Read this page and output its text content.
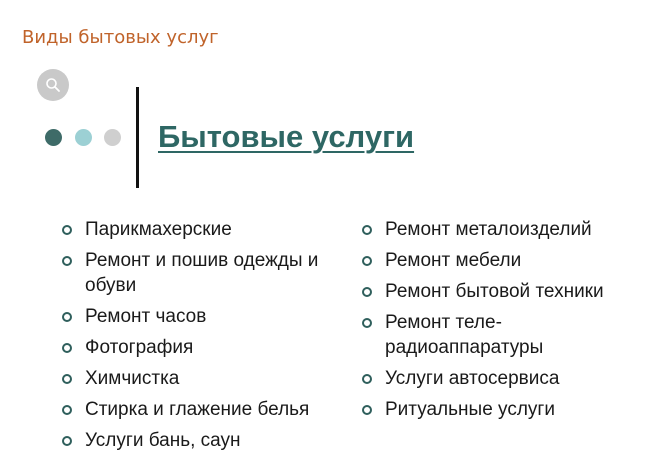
Виды бытовых услуг
Бытовые услуги
Парикмахерские
Ремонт и пошив одежды и обуви
Ремонт часов
Фотография
Химчистка
Стирка и глажение белья
Услуги бань, саун
Ремонт металоизделий
Ремонт мебели
Ремонт бытовой техники
Ремонт теле-радиоаппаратуры
Услуги автосервиса
Ритуальные услуги
